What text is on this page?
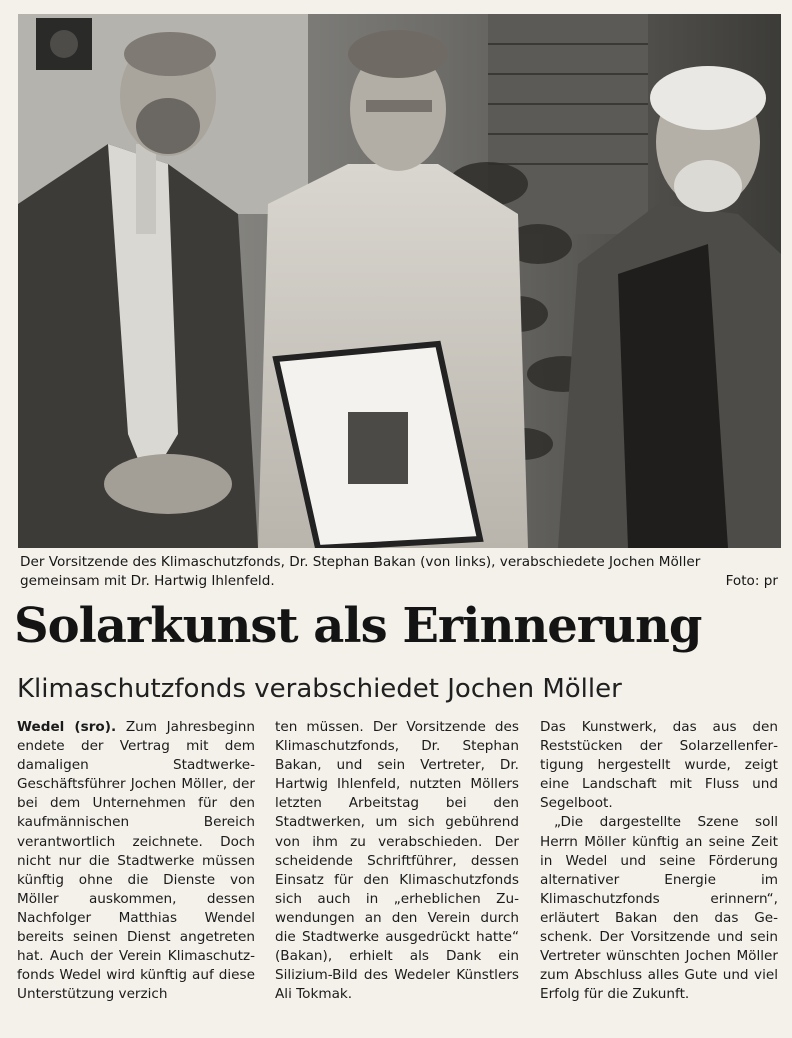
Der Vorsitzende des Klimaschutzfonds, Dr. Stephan Bakan (von links), verabschiedete Jochen Möller gemeinsam mit Dr. Hartwig Ihlenfeld.	Foto: pr
Solarkunst als Erinnerung
Klimaschutzfonds verabschiedet Jochen Möller

Wedel (sro). Zum Jahresbeginn endete der Vertrag mit dem damaligen Stadtwerke-Geschäftsführer Jochen Möller, der bei dem Unternehmen für den kaufmännischen Bereich verantwortlich zeichnete. Doch nicht nur die Stadtwerke müssen künftig ohne die Dienste von Möller auskommen, dessen Nachfolger Matthias Wendel bereits seinen Dienst angetreten hat. Auch der Verein Klimaschutzfonds Wedel wird künftig auf diese Unterstützung verzich

ten müssen. Der Vorsitzende des Klimaschutzfonds, Dr. Stephan Bakan, und sein Vertreter, Dr. Hartwig Ihlenfeld, nutzten Möllers letzten Arbeitstag bei den Stadtwerken, um sich gebührend von ihm zu verabschieden. Der scheidende Schriftführer, dessen Einsatz für den Klimaschutzfonds sich auch in „erheblichen Zuwendungen an den Verein durch die Stadtwerke ausgedrückt hatte“ (Bakan), erhielt als Dank ein Silizium-Bild des Wedeler Künstlers Ali Tokmak.

Das Kunstwerk, das aus den Reststücken der Solarzellenfertigung hergestellt wurde, zeigt eine Landschaft mit Fluss und Segelboot.

„Die dargestellte Szene soll Herrn Möller künftig an seine Zeit in Wedel und seine Förderung alternativer Energie im Klimaschutzfonds erinnern“, erläutert Bakan den das Geschenk. Der Vorsitzende und sein Vertreter wünschten Jochen Möller zum Abschluss alles Gute und viel Erfolg für die Zukunft.
